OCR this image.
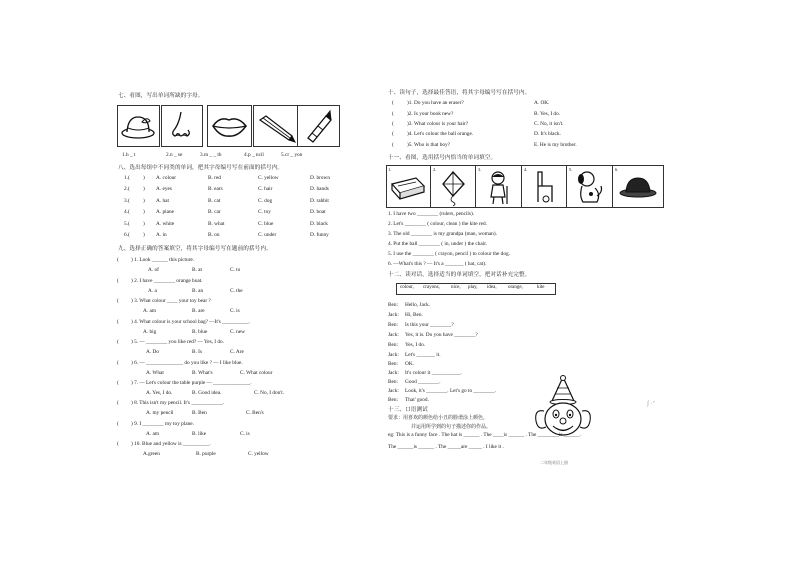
七、看图，写出单词所缺的字母。
1.h _ t	2.n _ se	3.m _ _ th	4.p _ ncil	5.cr _ yon
八、选出每组中不同类的单词，把其字母编号写在前面的括号内。
1.(	) A. colour	B. red	C. yellow	D. brown
2.(	) A. eyes	B. ears	C. hair	D. hands
3.(	) A. hat	B. cat	C. dog	D. rabbit
4.(	) A. plane	B. car	C. toy	D. boat
5.(	) A. white	B. what	C. blue	D. black
6.(	) A. in	B. on	C. under	D. funny
九、选择正确的答案填空，将其字母编号写在题前的括号内。
( ) 1. Look ______ this picture.
A. of	B. at	C. to
( ) 2. I have ________ orange boat.
A. a	B. an	C. the
( ) 3. What colour ____ your toy bear ?
A. am	B. are	C. is
( ) 4. What colour is your school bag? —It's __________.
A. big	B. blue	C. new
( ) 5. — ________ you like red? — Yes, I do.
A. Do	B. Is	C. Are
( ) 6. — ______________ do you like ? — I like blue.
A. What	B. What's	C. What colour
( ) 7. — Let's colour the table purple — ______________.
A. Yes, I do.	B. Good idea.	C. No, I don't.
( ) 8. This isn't my pencil. It's ____________.
A. my pencil	B. Ben	C. Ben's
( ) 9. I ________ my toy plane.
A. am	B. like	C. is
( ) 10. Blue and yellow is __________.
A.green	B. purple	C. yellow
十、读句子，选择最佳答语，将其字母编号写在括号内。
( )1. Do you have an eraser?	A. OK.
( )2. Is your book new?	B. Yes, I do.
( )3. What colour is your hair?	C. No, it isn't.
( )4. Let's colour the ball orange.	D. It's black.
( )5. Who is that boy?	E. He is my brother.
十一、看图，选用括号内恰当的单词填空。
1.	2.	3.	4.	5.	6.
1. I have two ________ (rulers, pencils).
2. Let's ________ ( colour, clean ) the kite red.
3. The old ________ is my grandpa (man, woman).
4. Put the ball ________ ( in, under ) the chair.
5. I use the ________ ( crayon, pencil ) to colour the dog.
6. —What's this ? — It's a _______ ( hat, cat).
十二、读对话，选择适当的单词填空，把对话补充完整。
colour, crayons, nice, play, idea, orange,	kite
Ben: Hello, Jack.
Jack: Hi, Ben.
Ben: Is this your ________?
Jack: Yes, it is. Do you have ________?
Ben: Yes, I do.
Jack: Let's _______ it.
Ben: OK.
Jack: It's colour it ___________.
Ben: Good ________.
Jack: Look, it's ________. Let's go to ________.
Ben: That' good.
ʃ ·ᐟ
十三、口语测试
要求：用喜欢的颜色给小丑的脸谱涂上颜色，
并运用所学到的句子描述你的作品。
eg: This is a funny face . The hat is ______ . The ____is ______ . The ________is ______.
The ______is ______ . The _____are _____ . I like it .
二年级英语上册
